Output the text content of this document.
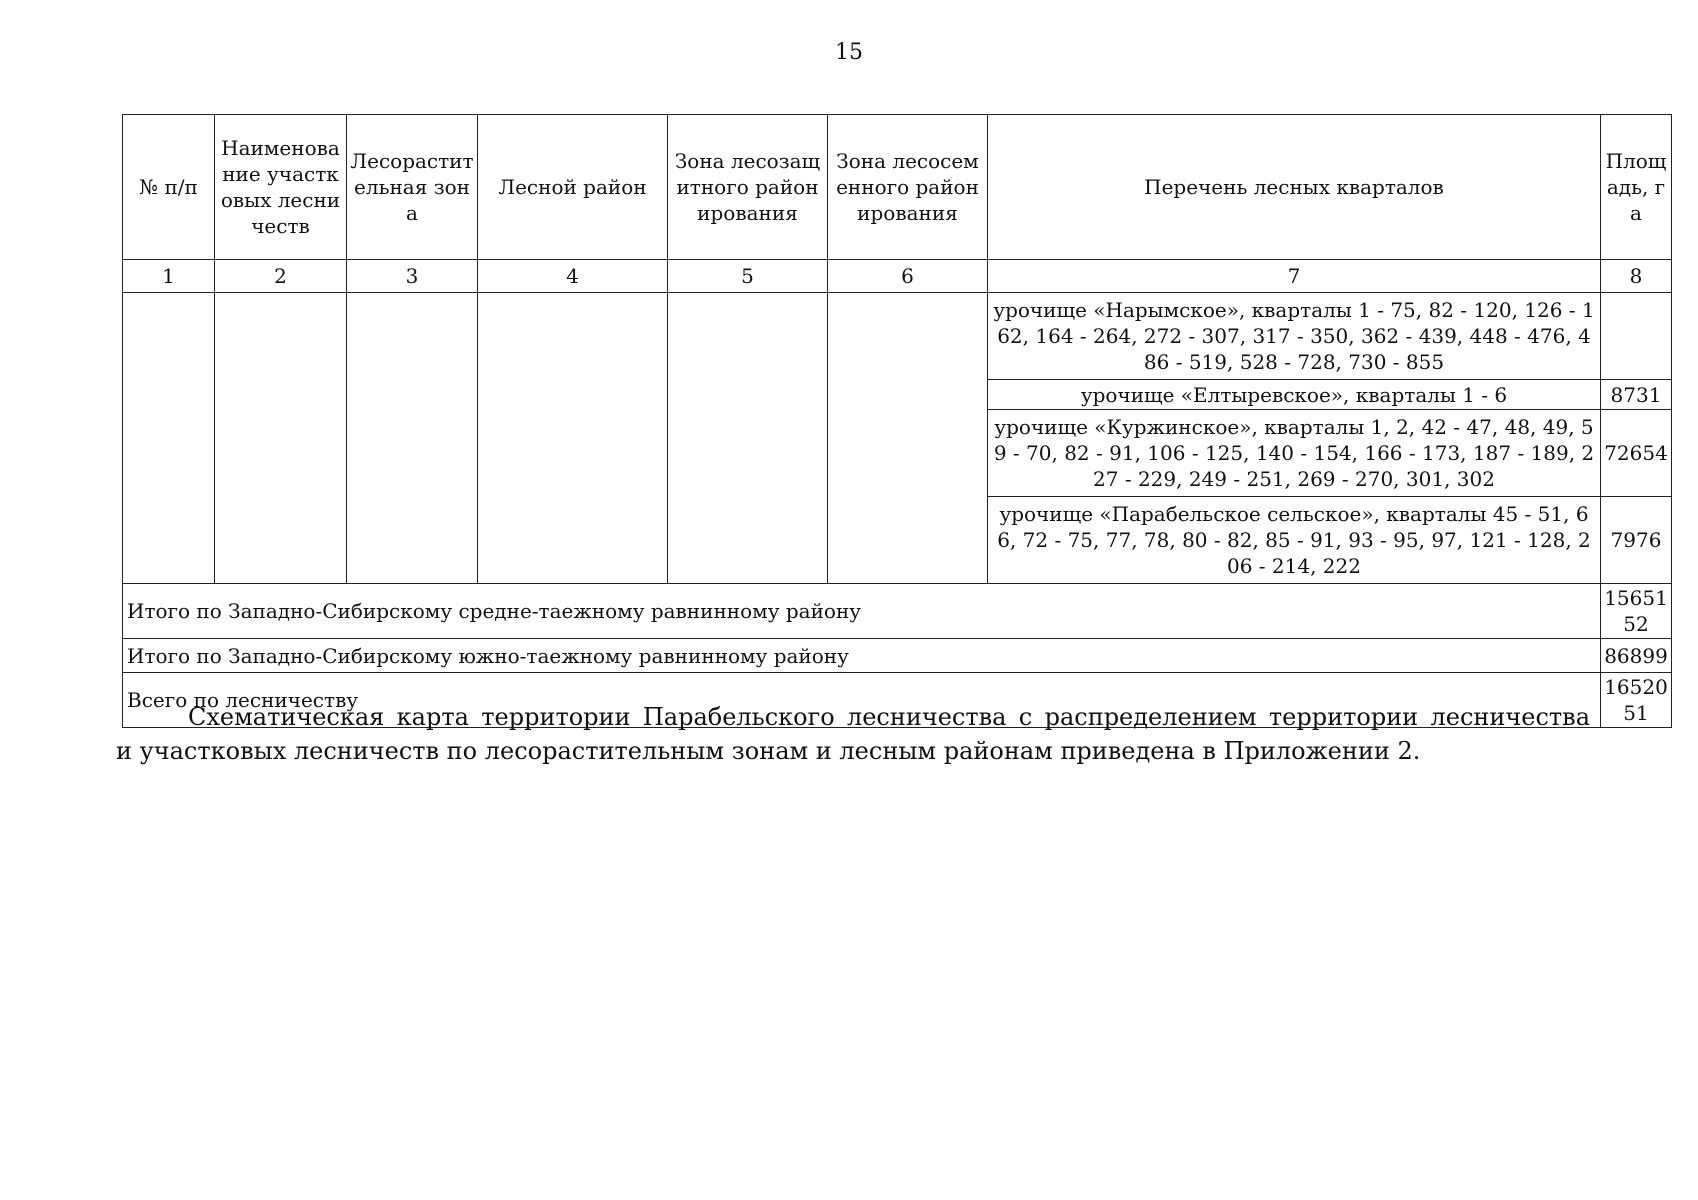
15
№ п/п	Наименование участковых лесничеств	Лесорастительная зона	Лесной район	Зона лесозащитного районирования	Зона лесосеменного районирования	Перечень лесных кварталов	Площадь, га
1	2	3	4	5	6	7	8
						урочище «Нарымское», кварталы 1 - 75, 82 - 120, 126 - 162, 164 - 264, 272 - 307, 317 - 350, 362 - 439, 448 - 476, 486 - 519, 528 - 728, 730 - 855	
						урочище «Елтыревское», кварталы 1 - 6	8731
						урочище «Куржинское», кварталы 1, 2, 42 - 47, 48, 49, 59 - 70, 82 - 91, 106 - 125, 140 - 154, 166 - 173, 187 - 189, 227 - 229, 249 - 251, 269 - 270, 301, 302	72654
						урочище «Парабельское сельское», кварталы 45 - 51, 66, 72 - 75, 77, 78, 80 - 82, 85 - 91, 93 - 95, 97, 121 - 128, 206 - 214, 222	7976
Итого по Западно-Сибирскому средне-таежному равнинному району							1565152
Итого по Западно-Сибирскому южно-таежному равнинному району							86899
Всего по лесничеству							1652051
Схематическая карта территории Парабельского лесничества с распределением территории лесничества
и участковых лесничеств по лесорастительным зонам и лесным районам приведена в Приложении 2.
